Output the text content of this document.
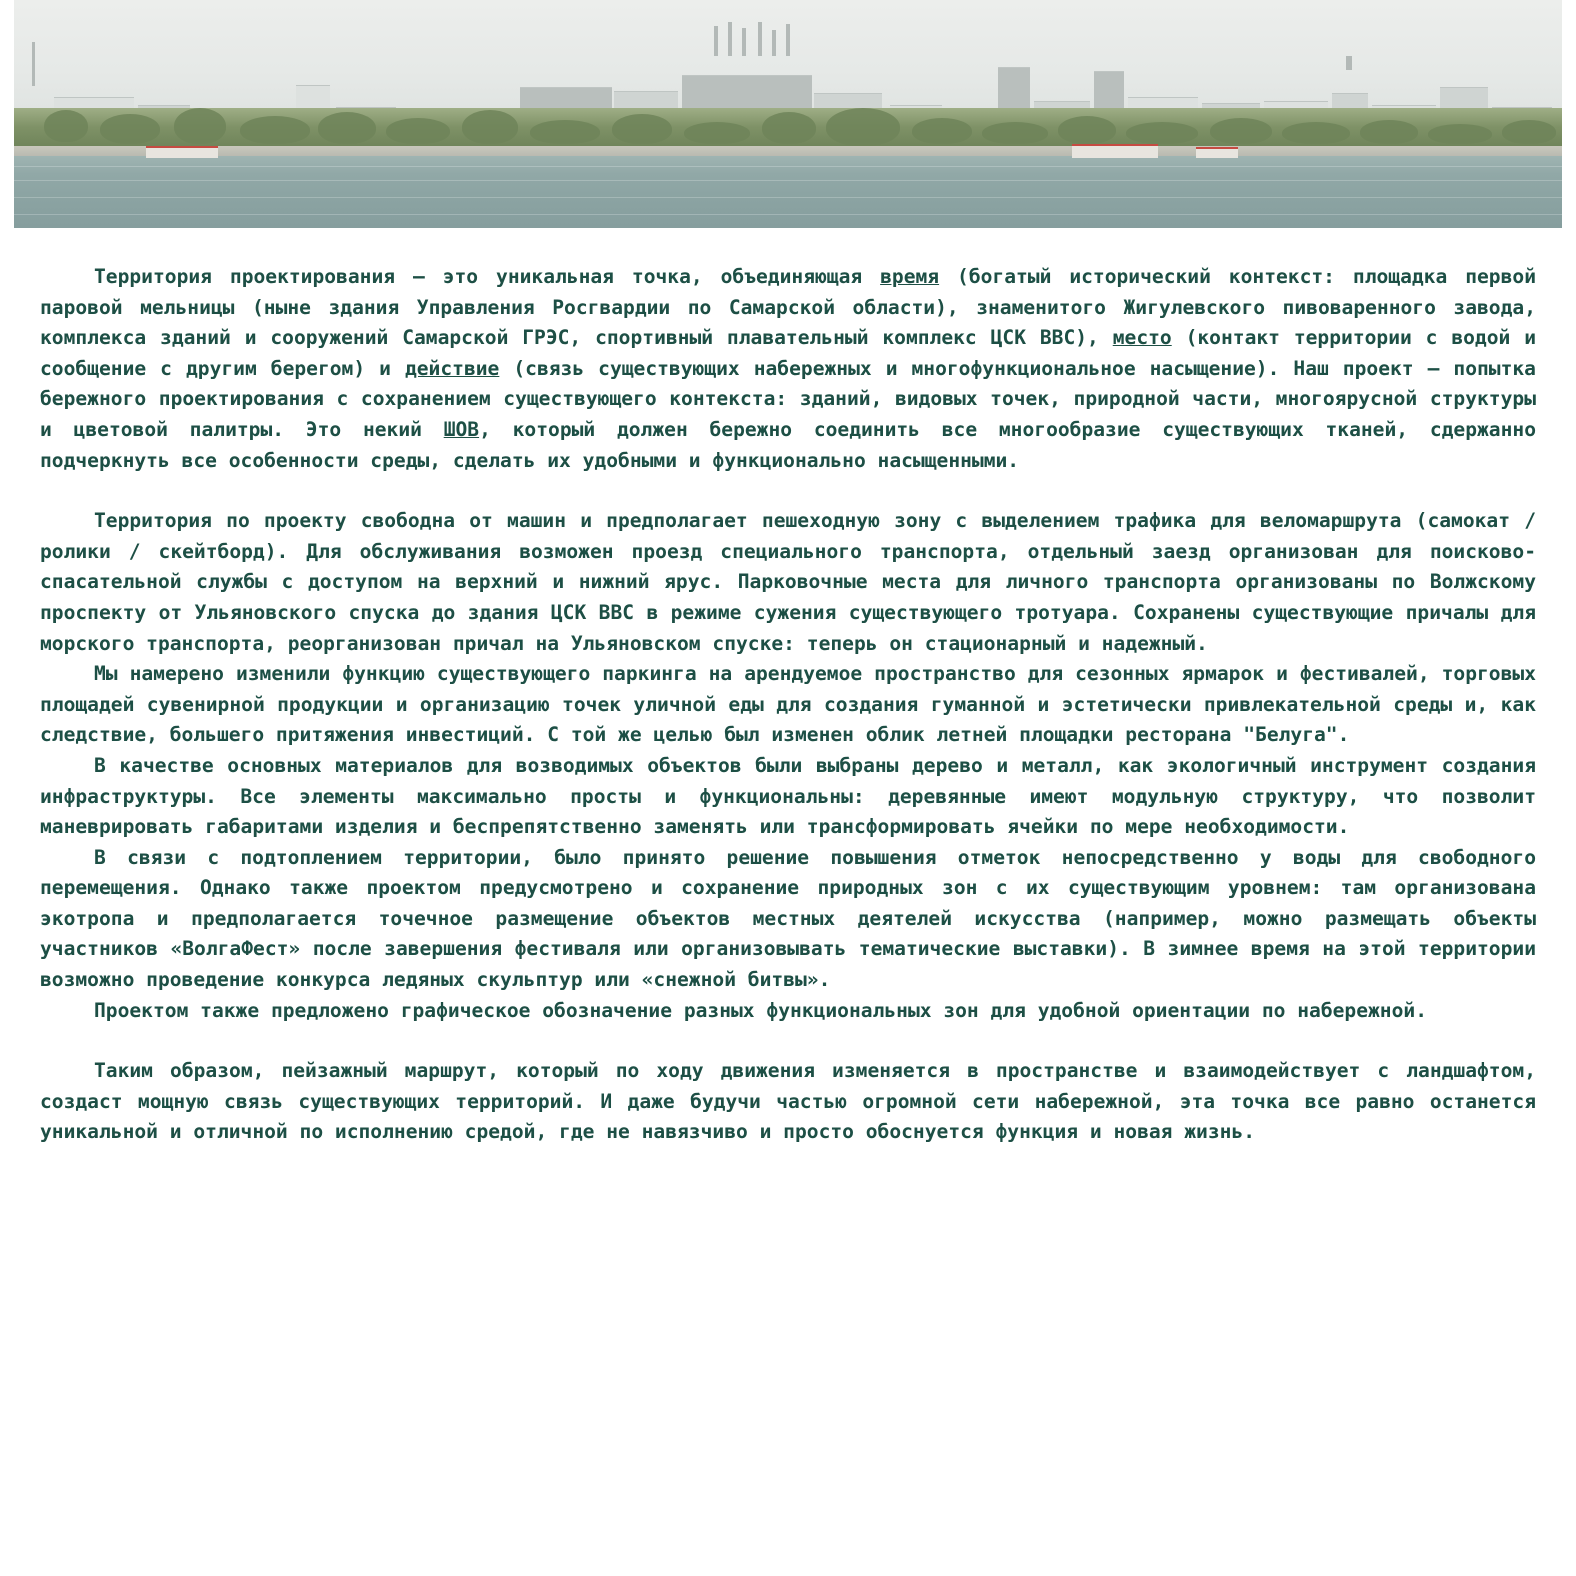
Территория проектирования – это уникальная точка, объединяющая время (богатый исторический контекст: площадка первой паровой мельницы (ныне здания Управления Росгвардии по Самарской области), знаменитого Жигулевского пивоваренного завода, комплекса зданий и сооружений Самарской ГРЭС, спортивный плавательный комплекс ЦСК ВВС), место (контакт территории с водой и сообщение с другим берегом) и действие (связь существующих набережных и многофункциональное насыщение). Наш проект – попытка бережного проектирования с сохранением существующего контекста: зданий, видовых точек, природной части, многоярусной структуры и цветовой палитры. Это некий ШОВ, который должен бережно соединить все многообразие существующих тканей, сдержанно подчеркнуть все особенности среды, сделать их удобными и функционально насыщенными.

Территория по проекту свободна от машин и предполагает пешеходную зону с выделением трафика для веломаршрута (самокат / ролики / скейтборд). Для обслуживания возможен проезд специального транспорта, отдельный заезд организован для поисково-спасательной службы с доступом на верхний и нижний ярус. Парковочные места для личного транспорта организованы по Волжскому проспекту от Ульяновского спуска до здания ЦСК ВВС в режиме сужения существующего тротуара. Сохранены существующие причалы для морского транспорта, реорганизован причал на Ульяновском спуске: теперь он стационарный и надежный.

Мы намерено изменили функцию существующего паркинга на арендуемое пространство для сезонных ярмарок и фестивалей, торговых площадей сувенирной продукции и организацию точек уличной еды для создания гуманной и эстетически привлекательной среды и, как следствие, большего притяжения инвестиций. С той же целью был изменен облик летней площадки ресторана "Белуга".

В качестве основных материалов для возводимых объектов были выбраны дерево и металл, как экологичный инструмент создания инфраструктуры. Все элементы максимально просты и функциональны: деревянные имеют модульную структуру, что позволит маневрировать габаритами изделия и беспрепятственно заменять или трансформировать ячейки по мере необходимости.

В связи с подтоплением территории, было принято решение повышения отметок непосредственно у воды для свободного перемещения. Однако также проектом предусмотрено и сохранение природных зон с их существующим уровнем: там организована экотропа и предполагается точечное размещение объектов местных деятелей искусства (например, можно размещать объекты участников «ВолгаФест» после завершения фестиваля или организовывать тематические выставки). В зимнее время на этой территории возможно проведение конкурса ледяных скульптур или «снежной битвы».

Проектом также предложено графическое обозначение разных функциональных зон для удобной ориентации по набережной.

Таким образом, пейзажный маршрут, который по ходу движения изменяется в пространстве и взаимодействует с ландшафтом, создаст мощную связь существующих территорий. И даже будучи частью огромной сети набережной, эта точка все равно останется уникальной и отличной по исполнению средой, где не навязчиво и просто обоснуется функция и новая жизнь.
